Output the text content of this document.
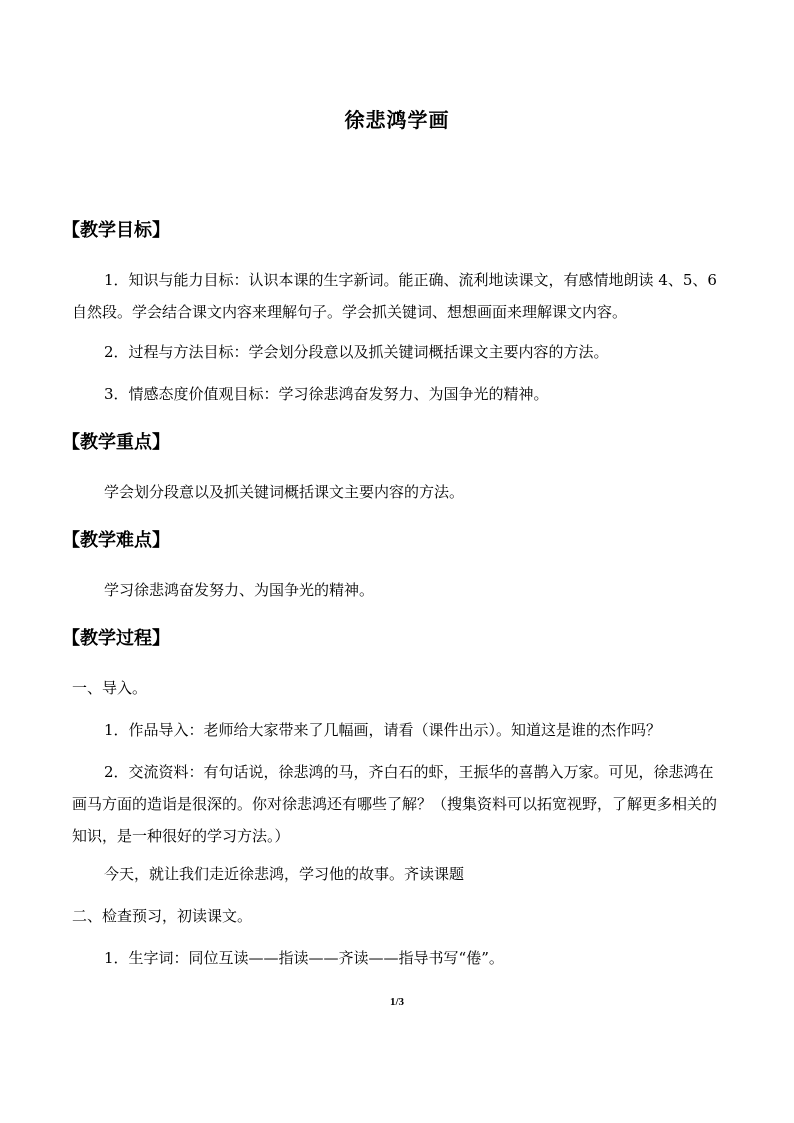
徐悲鸿学画
【教学目标】
1．知识与能力目标：认识本课的生字新词。能正确、流利地读课文，有感情地朗读 4、5、6 自然段。学会结合课文内容来理解句子。学会抓关键词、想想画面来理解课文内容。
2．过程与方法目标：学会划分段意以及抓关键词概括课文主要内容的方法。
3．情感态度价值观目标：学习徐悲鸿奋发努力、为国争光的精神。
【教学重点】
学会划分段意以及抓关键词概括课文主要内容的方法。
【教学难点】
学习徐悲鸿奋发努力、为国争光的精神。
【教学过程】
一、导入。
1．作品导入：老师给大家带来了几幅画，请看（课件出示）。知道这是谁的杰作吗？
2．交流资料：有句话说，徐悲鸿的马，齐白石的虾，王振华的喜鹊入万家。可见，徐悲鸿在画马方面的造诣是很深的。你对徐悲鸿还有哪些了解？（搜集资料可以拓宽视野，了解更多相关的知识，是一种很好的学习方法。）
今天，就让我们走近徐悲鸿，学习他的故事。齐读课题
二、检查预习，初读课文。
1．生字词：同位互读——指读——齐读——指导书写“倦”。
1/3
